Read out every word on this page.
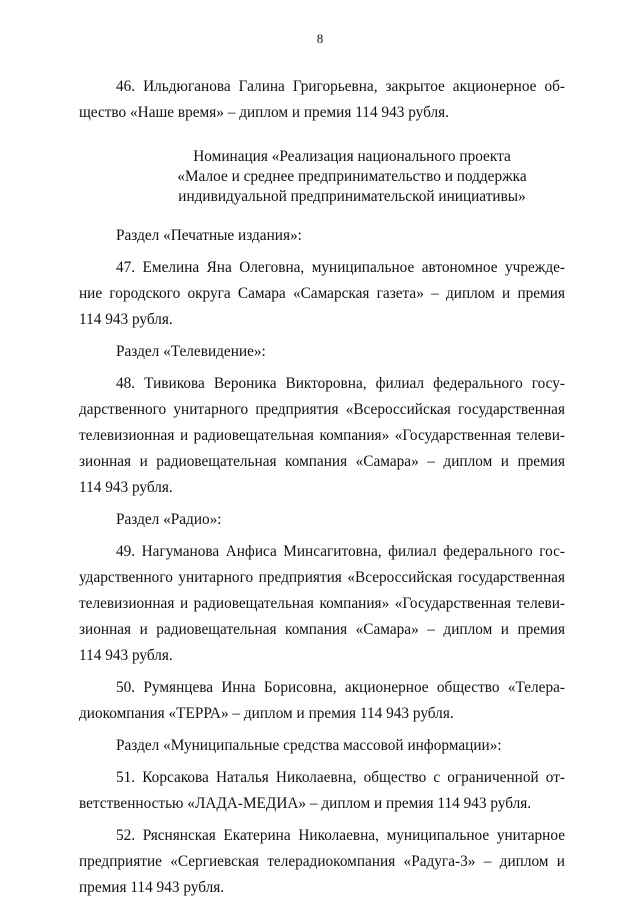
8
46. Ильдюганова Галина Григорьевна, закрытое акционерное об-
щество «Наше время» – диплом и премия 114 943 рубля.
Номинация «Реализация национального проекта
«Малое и среднее предпринимательство и поддержка
индивидуальной предпринимательской инициативы»
Раздел «Печатные издания»:
47. Емелина Яна Олеговна, муниципальное автономное учрежде-
ние городского округа Самара «Самарская газета» – диплом и премия
114 943 рубля.
Раздел «Телевидение»:
48. Тивикова Вероника Викторовна, филиал федерального госу-
дарственного унитарного предприятия «Всероссийская государственная
телевизионная и радиовещательная компания» «Государственная телеви-
зионная и радиовещательная компания «Самара» – диплом и премия
114 943 рубля.
Раздел «Радио»:
49. Нагуманова Анфиса Минсагитовна, филиал федерального гос-
ударственного унитарного предприятия «Всероссийская государственная
телевизионная и радиовещательная компания» «Государственная телеви-
зионная и радиовещательная компания «Самара» – диплом и премия
114 943 рубля.
50. Румянцева Инна Борисовна, акционерное общество «Телера-
диокомпания «ТЕРРА» – диплом и премия 114 943 рубля.
Раздел «Муниципальные средства массовой информации»:
51. Корсакова Наталья Николаевна, общество с ограниченной от-
ветственностью «ЛАДА-МЕДИА» – диплом и премия 114 943 рубля.
52. Ряснянская Екатерина Николаевна, муниципальное унитарное
предприятие «Сергиевская телерадиокомпания «Радуга-3» – диплом и
премия 114 943 рубля.
